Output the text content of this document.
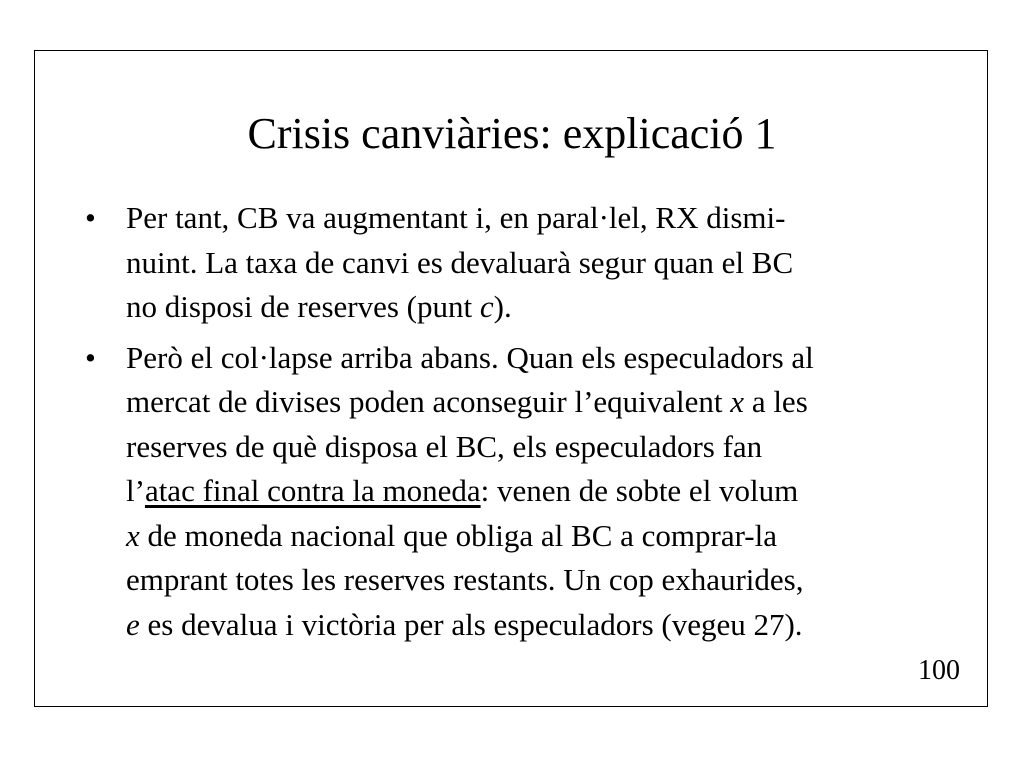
Crisis canviàries: explicació 1
• Per tant, CB va augmentant i, en paral·lel, RX dismi-
nuint. La taxa de canvi es devaluarà segur quan el BC
no disposi de reserves (punt c).
• Però el col·lapse arriba abans. Quan els especuladors al
mercat de divises poden aconseguir l’equivalent x a les
reserves de què disposa el BC, els especuladors fan
l’atac final contra la moneda: venen de sobte el volum
x de moneda nacional que obliga al BC a comprar-la
emprant totes les reserves restants. Un cop exhaurides,
e es devalua i victòria per als especuladors (vegeu 27).
100
